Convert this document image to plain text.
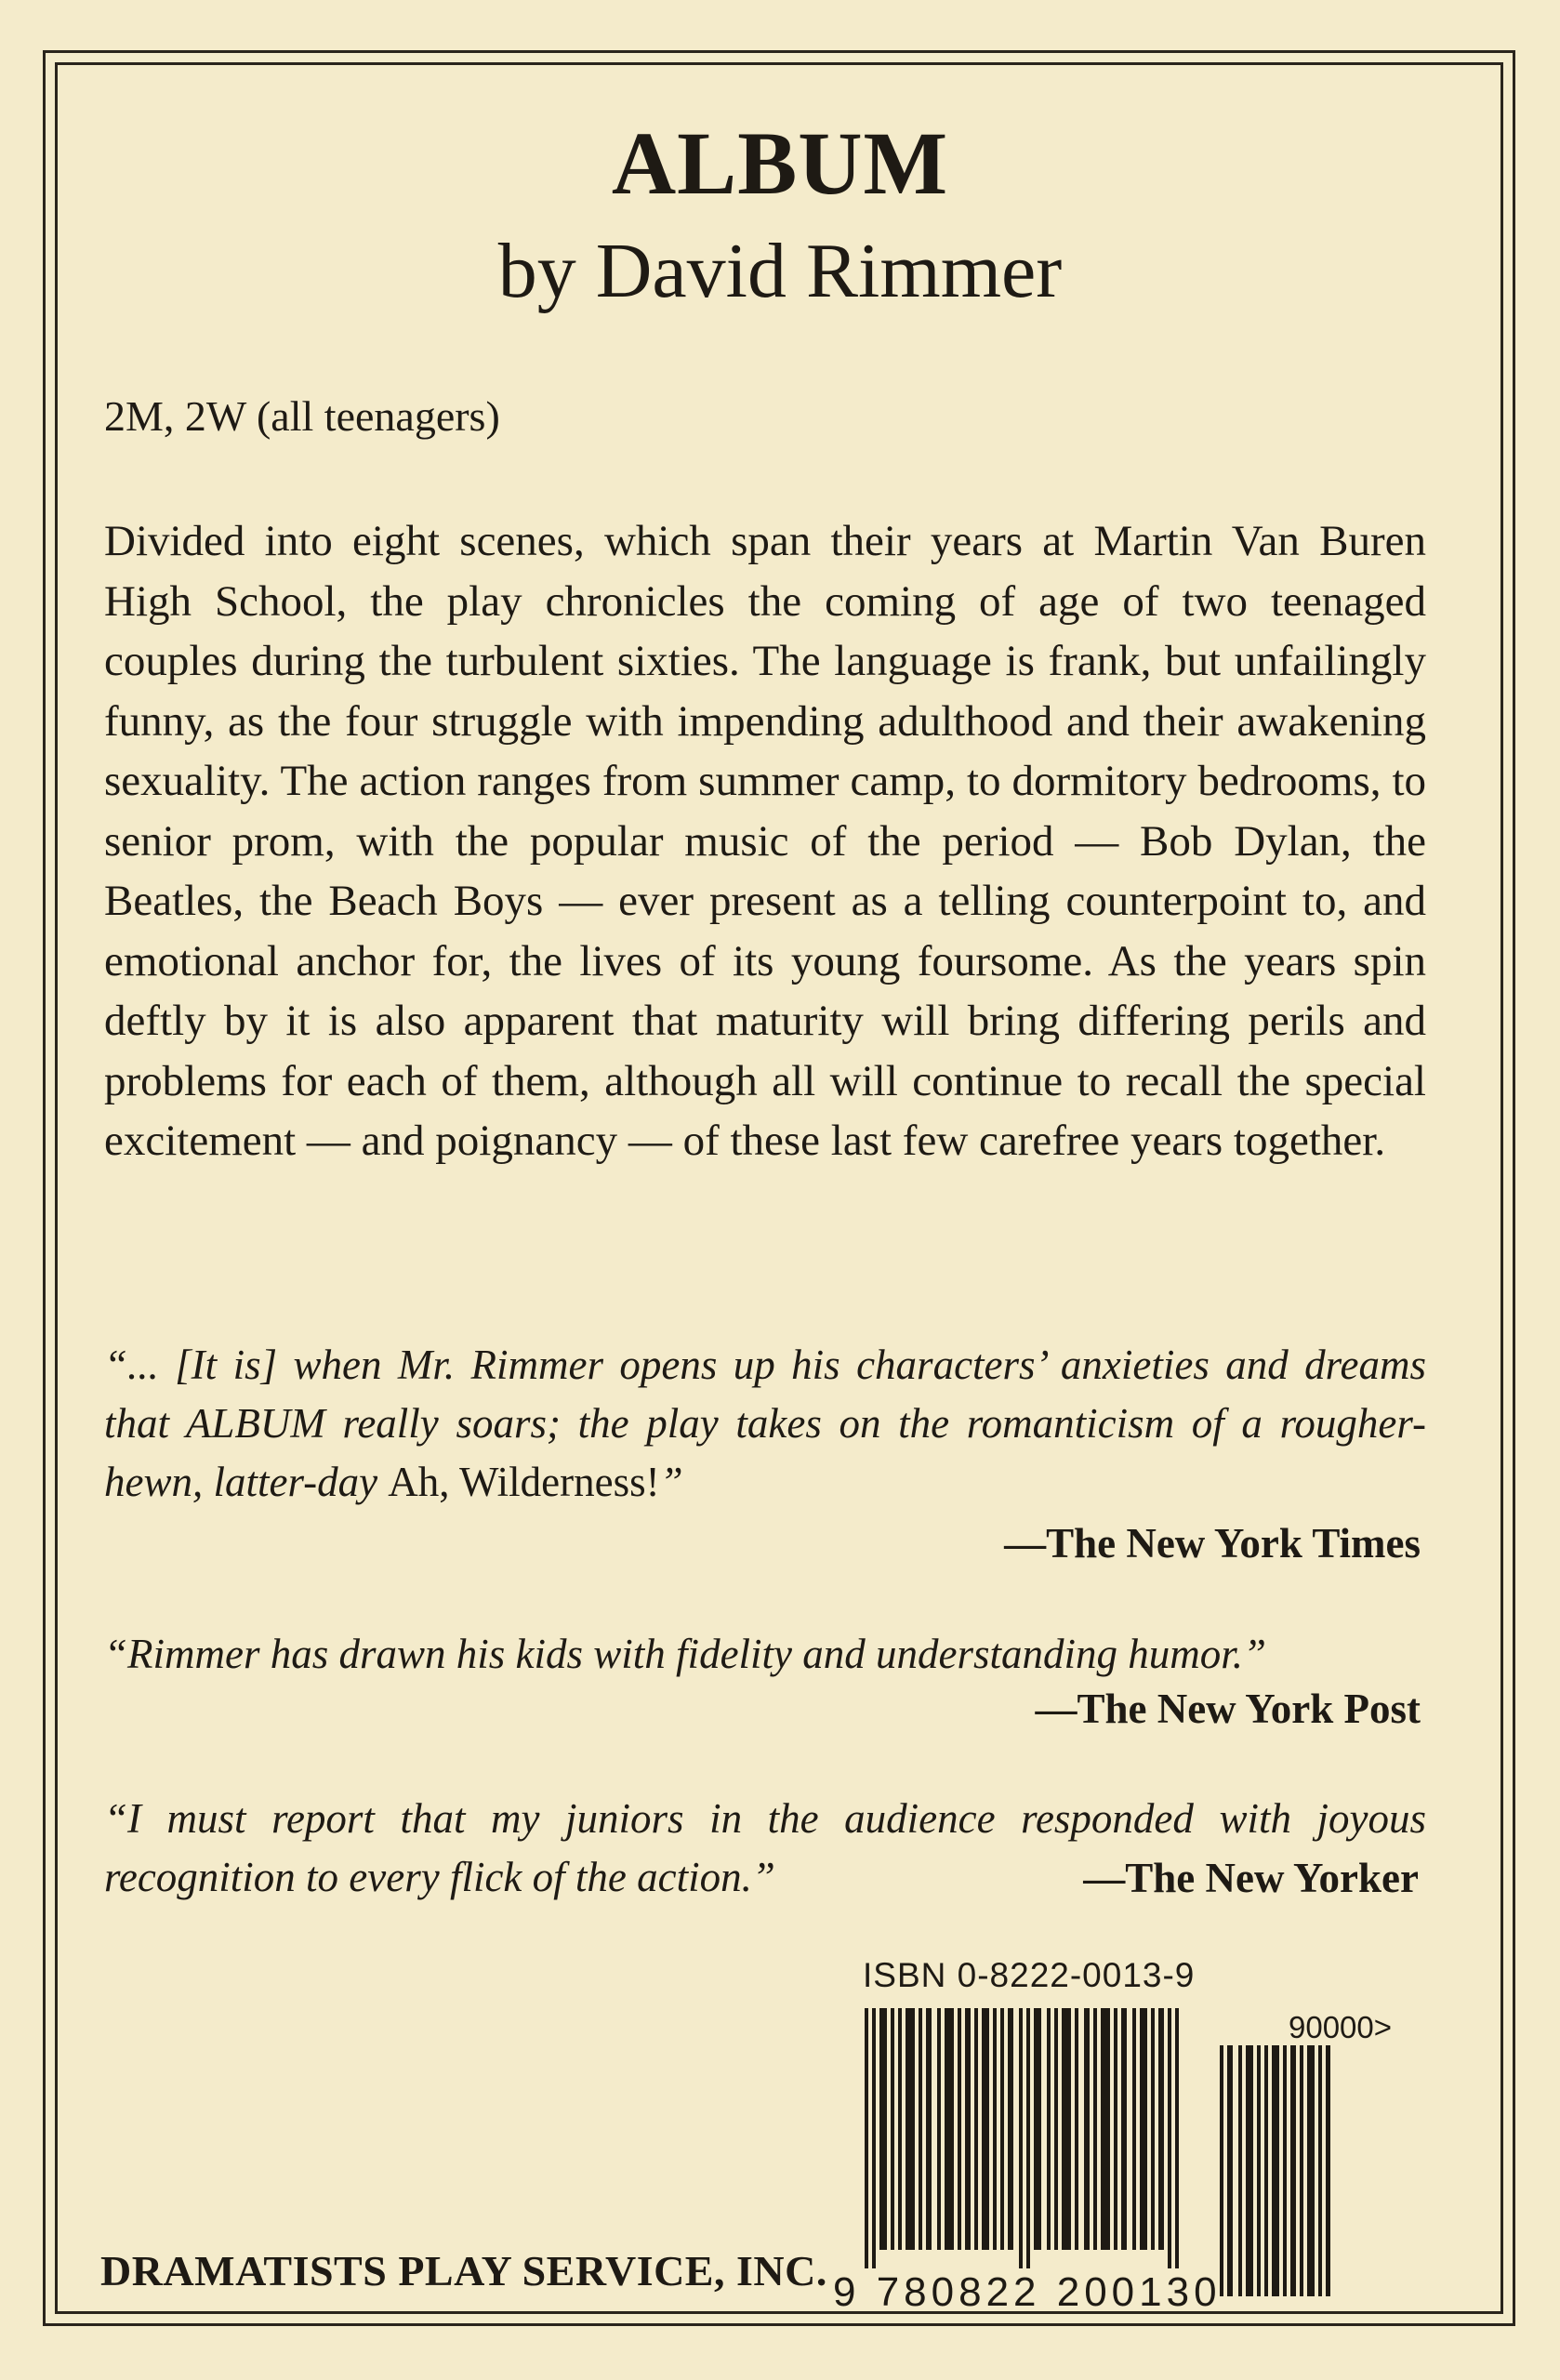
ALBUM
by David Rimmer
2M, 2W (all teenagers)

Divided into eight scenes, which span their years at Martin Van Buren High School, the play chronicles the coming of age of two teenaged couples during the turbulent sixties. The language is frank, but unfailingly funny, as the four struggle with impending adulthood and their awakening sexuality. The action ranges from summer camp, to dormitory bedrooms, to senior prom, with the popular music of the period — Bob Dylan, the Beatles, the Beach Boys — ever present as a telling counterpoint to, and emotional anchor for, the lives of its young foursome. As the years spin deftly by it is also apparent that maturity will bring differing perils and problems for each of them, although all will continue to recall the special excitement — and poignancy — of these last few carefree years together.

“... [It is] when Mr. Rimmer opens up his characters’ anxieties and dreams that ALBUM really soars; the play takes on the romanticism of a rougher-hewn, latter-day Ah, Wilderness!”

—The New York Times

“Rimmer has drawn his kids with fidelity and understanding humor.”

—The New York Post

“I must report that my juniors in the audience responded with joyous recognition to every flick of the action.”	—The New Yorker
ISBN 0-8222-0013-9
90000>
9 780822 200130
DRAMATISTS PLAY SERVICE, INC.
